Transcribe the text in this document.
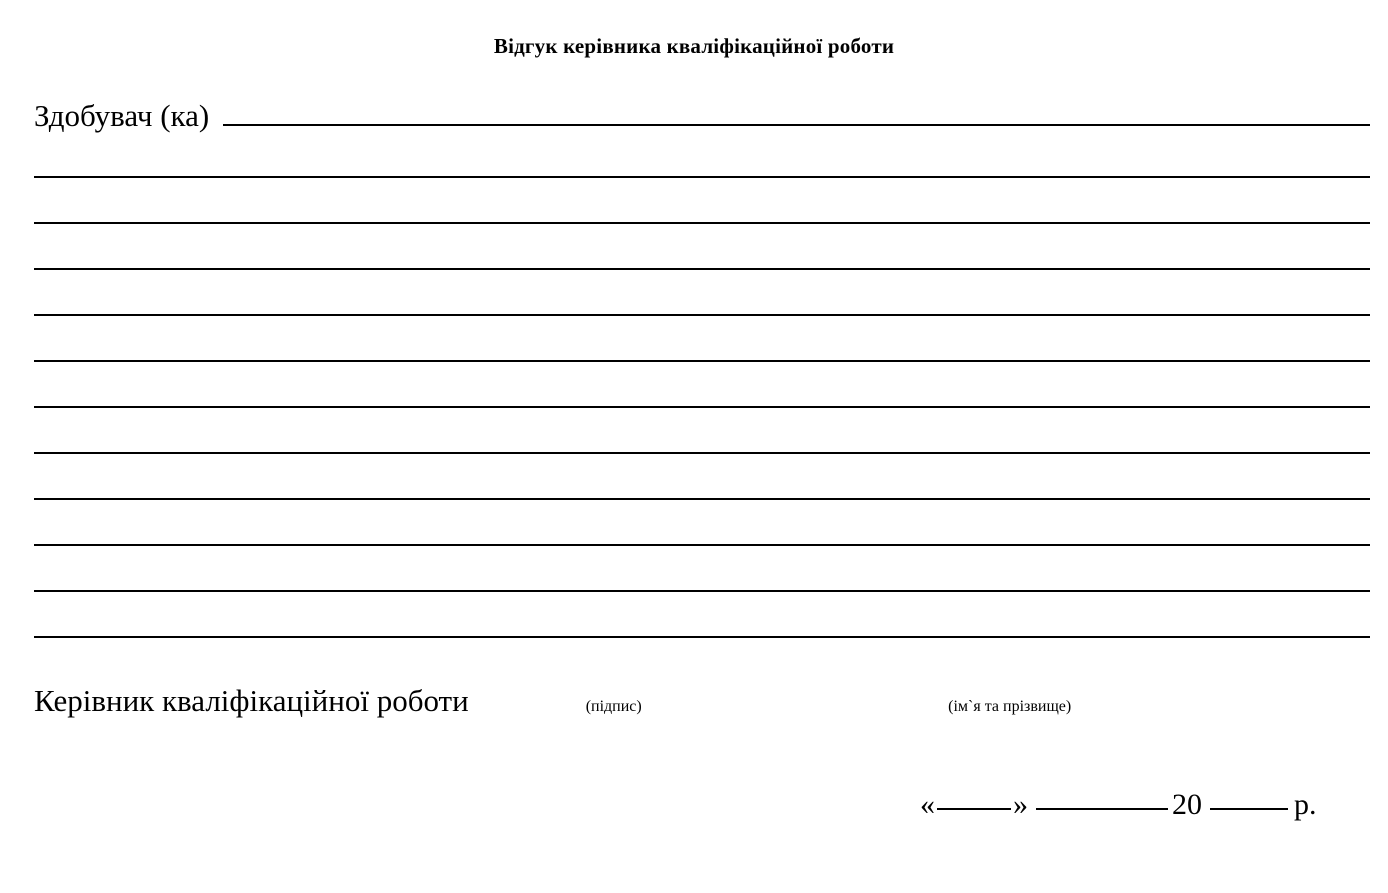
Відгук керівника кваліфікаційної роботи
Здобувач (ка)
Керівник кваліфікаційної роботи	(підпис)	(ім`я та прізвище)
«	»	20	р.
